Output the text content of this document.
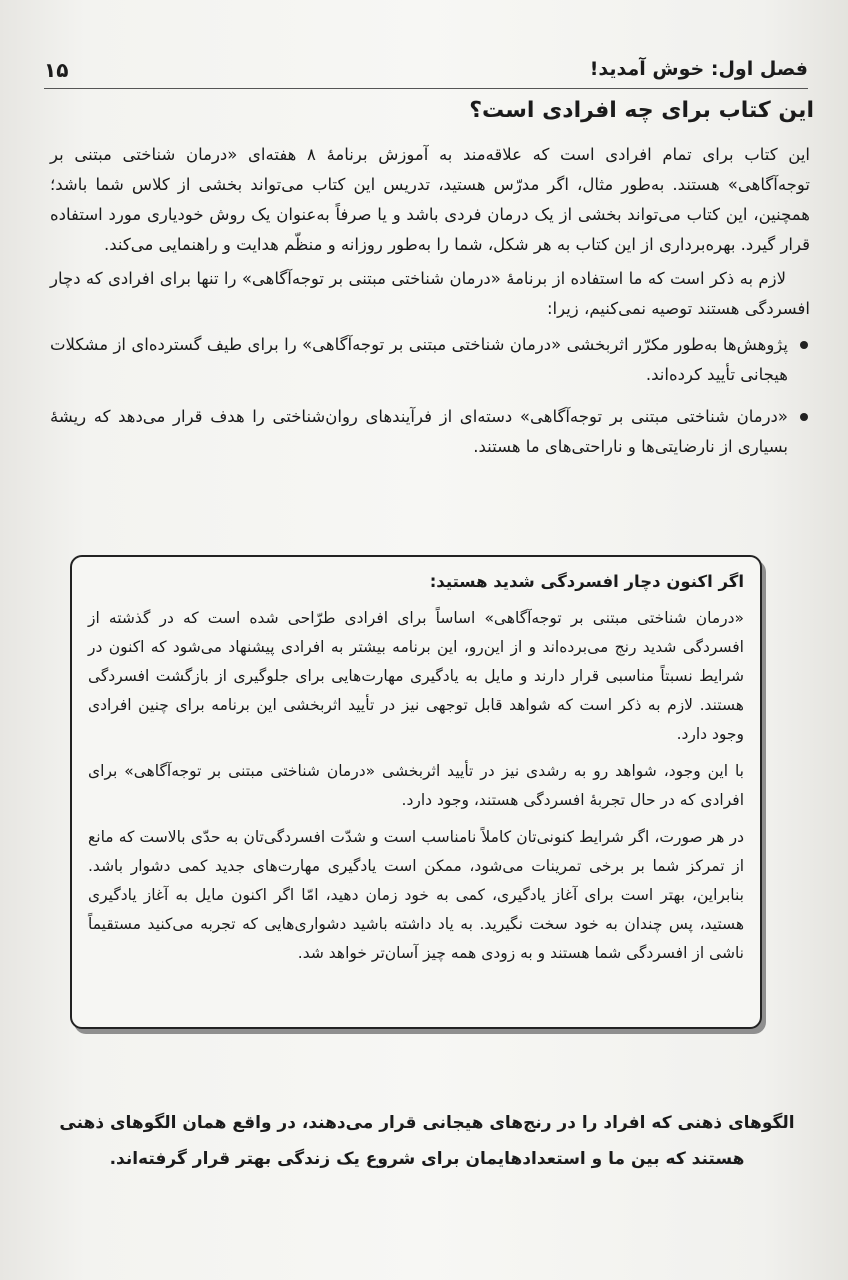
فصل اول: خوش آمدید!
۱۵
این کتاب برای چه افرادی است؟

این کتاب برای تمام افرادی است که علاقه‌مند به آموزش برنامهٔ ۸ هفته‌ای «درمان شناختی مبتنی بر توجه‌آگاهی» هستند. به‌طور مثال، اگر مدرّس هستید، تدریس این کتاب می‌تواند بخشی از کلاس شما باشد؛ همچنین، این کتاب می‌تواند بخشی از یک درمان فردی باشد و یا صرفاً به‌عنوان یک روش خودیاری مورد استفاده قرار گیرد. بهره‌برداری از این کتاب به هر شکل، شما را به‌طور روزانه و منظّم هدایت و راهنمایی می‌کند.

لازم به ذکر است که ما استفاده از برنامهٔ «درمان شناختی مبتنی بر توجه‌آگاهی» را تنها برای افرادی که دچار افسردگی هستند توصیه نمی‌کنیم، زیرا:

پژوهش‌ها به‌طور مکرّر اثربخشی «درمان شناختی مبتنی بر توجه‌آگاهی» را برای طیف گسترده‌ای از مشکلات هیجانی تأیید کرده‌اند.
«درمان شناختی مبتنی بر توجه‌آگاهی» دسته‌ای از فرآیندهای روان‌شناختی را هدف قرار می‌دهد که ریشهٔ بسیاری از نارضایتی‌ها و ناراحتی‌های ما هستند.
اگر اکنون دچار افسردگی شدید هستید:

«درمان شناختی مبتنی بر توجه‌آگاهی» اساساً برای افرادی طرّاحی شده است که در گذشته از افسردگی شدید رنج می‌برده‌اند و از این‌رو، این برنامه بیشتر به افرادی پیشنهاد می‌شود که اکنون در شرایط نسبتاً مناسبی قرار دارند و مایل به یادگیری مهارت‌هایی برای جلوگیری از بازگشت افسردگی هستند. لازم به ذکر است که شواهد قابل توجهی نیز در تأیید اثربخشی این برنامه برای چنین افرادی وجود دارد.

با این وجود، شواهد رو به رشدی نیز در تأیید اثربخشی «درمان شناختی مبتنی بر توجه‌آگاهی» برای افرادی که در حال تجربهٔ افسردگی هستند، وجود دارد.

در هر صورت، اگر شرایط کنونی‌تان کاملاً نامناسب است و شدّت افسردگی‌تان به حدّی بالاست که مانع از تمرکز شما بر برخی تمرینات می‌شود، ممکن است یادگیری مهارت‌های جدید کمی دشوار باشد. بنابراین، بهتر است برای آغاز یادگیری، کمی به خود زمان دهید، امّا اگر اکنون مایل به آغاز یادگیری هستید، پس چندان به خود سخت نگیرید. به یاد داشته باشید دشواری‌هایی که تجربه می‌کنید مستقیماً ناشی از افسردگی شما هستند و به زودی همه چیز آسان‌تر خواهد شد.

الگوهای ذهنی که افراد را در رنج‌های هیجانی قرار می‌دهند، در واقع همان الگوهای ذهنی هستند که بین ما و استعدادهایمان برای شروع یک زندگی بهتر قرار گرفته‌اند.
